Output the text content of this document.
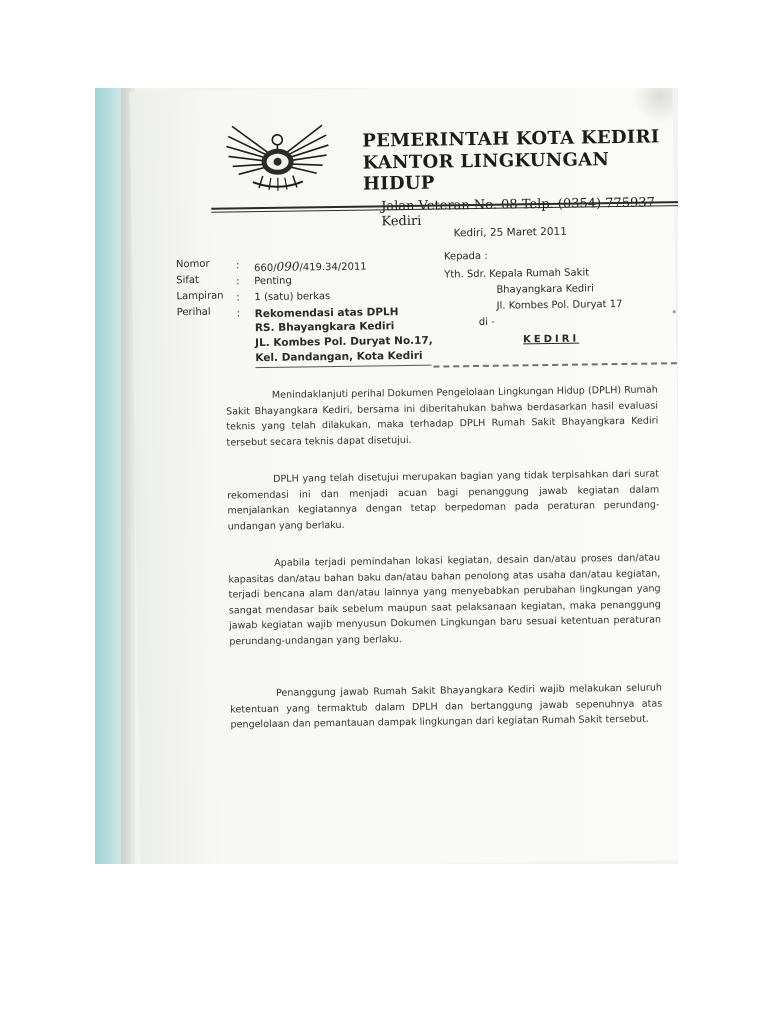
PEMERINTAH KOTA KEDIRI
KANTOR LINGKUNGAN HIDUP
Jalan Veteran No. 08 Telp. (0354) 775937 Kediri
Kediri, 25 Maret 2011
Nomor	: 660/090/419.34/2011
Sifat	: Penting
Lampiran : 1 (satu) berkas
Perihal	: Rekomendasi atas DPLH
RS. Bhayangkara Kediri
JL. Kombes Pol. Duryat No.17,
Kel. Dandangan, Kota Kediri
Kepada :
Yth. Sdr. Kepala Rumah Sakit
Bhayangkara Kediri
Jl. Kombes Pol. Duryat 17
di -
KEDIRI
Menindaklanjuti perihal Dokumen Pengelolaan Lingkungan Hidup (DPLH) Rumah Sakit Bhayangkara Kediri, bersama ini diberitahukan bahwa berdasarkan hasil evaluasi teknis yang telah dilakukan, maka terhadap DPLH Rumah Sakit Bhayangkara Kediri tersebut secara teknis dapat disetujui.
DPLH yang telah disetujui merupakan bagian yang tidak terpisahkan dari surat rekomendasi ini dan menjadi acuan bagi penanggung jawab kegiatan dalam menjalankan kegiatannya dengan tetap berpedoman pada peraturan perundang-undangan yang berlaku.
Apabila terjadi pemindahan lokasi kegiatan, desain dan/atau proses dan/atau kapasitas dan/atau bahan baku dan/atau bahan penolong atas usaha dan/atau kegiatan, terjadi bencana alam dan/atau lainnya yang menyebabkan perubahan lingkungan yang sangat mendasar baik sebelum maupun saat pelaksanaan kegiatan, maka penanggung jawab kegiatan wajib menyusun Dokumen Lingkungan baru sesuai ketentuan peraturan perundang-undangan yang berlaku.
Penanggung jawab Rumah Sakit Bhayangkara Kediri wajib melakukan seluruh ketentuan yang termaktub dalam DPLH dan bertanggung jawab sepenuhnya atas pengelolaan dan pemantauan dampak lingkungan dari kegiatan Rumah Sakit tersebut.
